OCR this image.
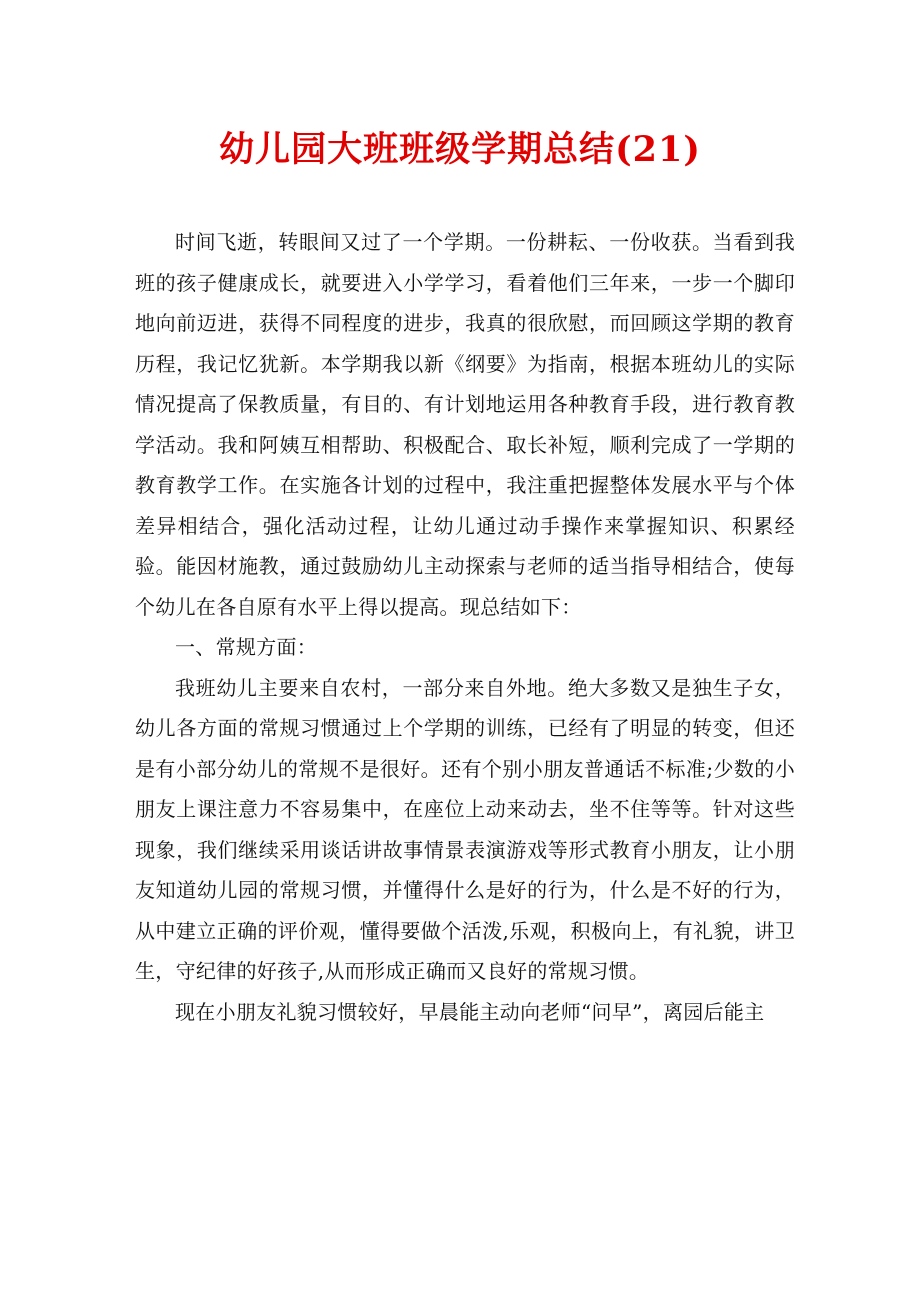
幼儿园大班班级学期总结(21)

时间飞逝，转眼间又过了一个学期。一份耕耘、一份收获。当看到我班的孩子健康成长，就要进入小学学习，看着他们三年来，一步一个脚印地向前迈进，获得不同程度的进步，我真的很欣慰，而回顾这学期的教育历程，我记忆犹新。本学期我以新《纲要》为指南，根据本班幼儿的实际情况提高了保教质量，有目的、有计划地运用各种教育手段，进行教育教学活动。我和阿姨互相帮助、积极配合、取长补短，顺利完成了一学期的教育教学工作。在实施各计划的过程中，我注重把握整体发展水平与个体差异相结合，强化活动过程，让幼儿通过动手操作来掌握知识、积累经验。能因材施教，通过鼓励幼儿主动探索与老师的适当指导相结合，使每个幼儿在各自原有水平上得以提高。现总结如下：

一、常规方面：

我班幼儿主要来自农村，一部分来自外地。绝大多数又是独生子女，幼儿各方面的常规习惯通过上个学期的训练，已经有了明显的转变，但还是有小部分幼儿的常规不是很好。还有个别小朋友普通话不标准;少数的小朋友上课注意力不容易集中，在座位上动来动去，坐不住等等。针对这些现象，我们继续采用谈话讲故事情景表演游戏等形式教育小朋友，让小朋友知道幼儿园的常规习惯，并懂得什么是好的行为，什么是不好的行为，从中建立正确的评价观，懂得要做个活泼,乐观，积极向上，有礼貌，讲卫生，守纪律的好孩子,从而形成正确而又良好的常规习惯。

现在小朋友礼貌习惯较好，早晨能主动向老师“问早”，离园后能主
